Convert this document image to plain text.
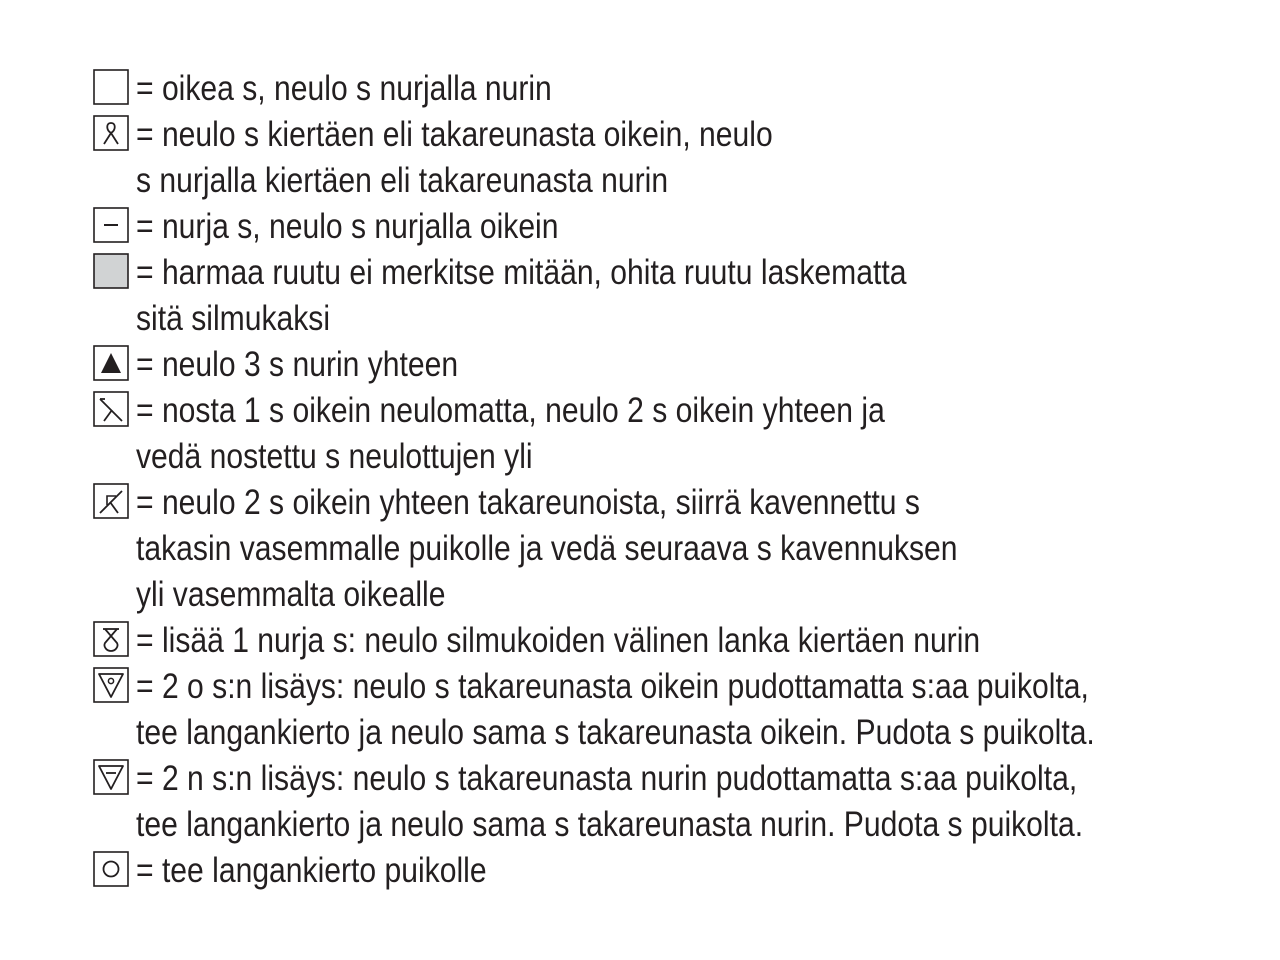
= oikea s, neulo s nurjalla nurin
= neulo s kiertäen eli takareunasta oikein, neulo
s nurjalla kiertäen eli takareunasta nurin
= nurja s, neulo s nurjalla oikein
= harmaa ruutu ei merkitse mitään, ohita ruutu laskematta
sitä silmukaksi
= neulo 3 s nurin yhteen
= nosta 1 s oikein neulomatta, neulo 2 s oikein yhteen ja
vedä nostettu s neulottujen yli
= neulo 2 s oikein yhteen takareunoista, siirrä kavennettu s
takasin vasemmalle puikolle ja vedä seuraava s kavennuksen
yli vasemmalta oikealle
= lisää 1 nurja s: neulo silmukoiden välinen lanka kiertäen nurin
= 2 o s:n lisäys: neulo s takareunasta oikein pudottamatta s:aa puikolta,
tee langankierto ja neulo sama s takareunasta oikein. Pudota s puikolta.
= 2 n s:n lisäys: neulo s takareunasta nurin pudottamatta s:aa puikolta,
tee langankierto ja neulo sama s takareunasta nurin. Pudota s puikolta.
= tee langankierto puikolle
